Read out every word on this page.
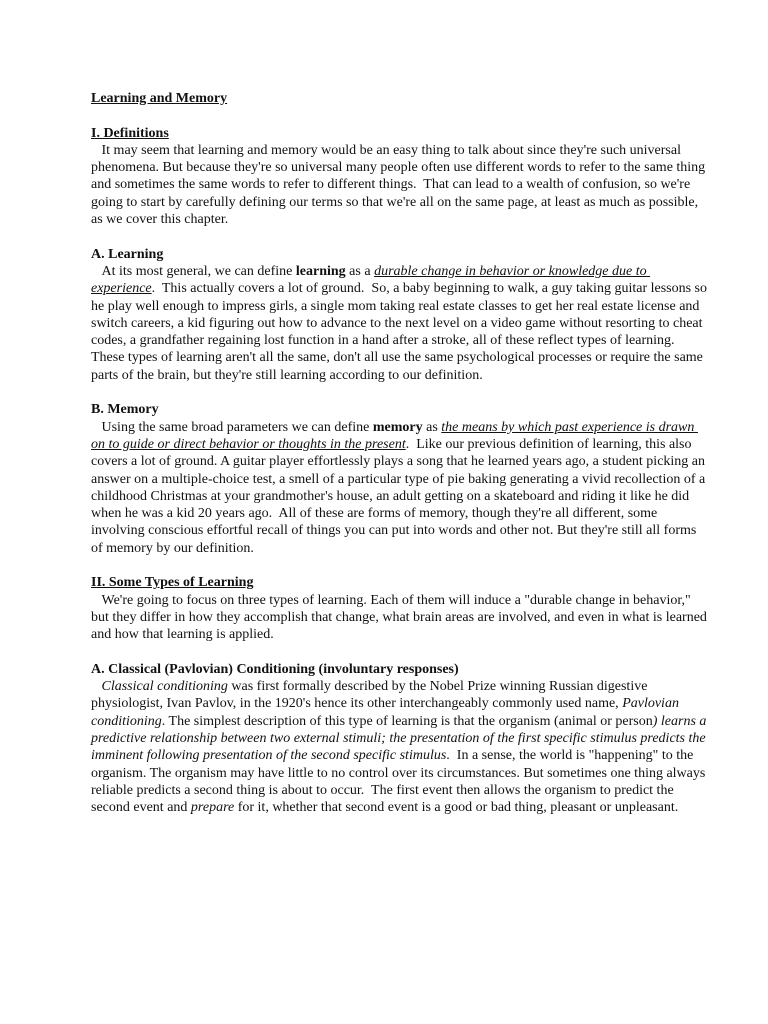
Learning and Memory

I. Definitions

It may seem that learning and memory would be an easy thing to talk about since they're such universal phenomena. But because they're so universal many people often use different words to refer to the same thing and sometimes the same words to refer to different things.  That can lead to a wealth of confusion, so we're going to start by carefully defining our terms so that we're all on the same page, at least as much as possible, as we cover this chapter.

A. Learning

At its most general, we can define learning as a durable change in behavior or knowledge due to experience.  This actually covers a lot of ground.  So, a baby beginning to walk, a guy taking guitar lessons so he play well enough to impress girls, a single mom taking real estate classes to get her real estate license and switch careers, a kid figuring out how to advance to the next level on a video game without resorting to cheat codes, a grandfather regaining lost function in a hand after a stroke, all of these reflect types of learning.  These types of learning aren't all the same, don't all use the same psychological processes or require the same parts of the brain, but they're still learning according to our definition.

B. Memory

Using the same broad parameters we can define memory as the means by which past experience is drawn on to guide or direct behavior or thoughts in the present.  Like our previous definition of learning, this also covers a lot of ground. A guitar player effortlessly plays a song that he learned years ago, a student picking an answer on a multiple-choice test, a smell of a particular type of pie baking generating a vivid recollection of a childhood Christmas at your grandmother's house, an adult getting on a skateboard and riding it like he did when he was a kid 20 years ago.  All of these are forms of memory, though they're all different, some involving conscious effortful recall of things you can put into words and other not. But they're still all forms of memory by our definition.

II. Some Types of Learning

We're going to focus on three types of learning. Each of them will induce a "durable change in behavior," but they differ in how they accomplish that change, what brain areas are involved, and even in what is learned and how that learning is applied.

A. Classical (Pavlovian) Conditioning (involuntary responses)

Classical conditioning was first formally described by the Nobel Prize winning Russian digestive physiologist, Ivan Pavlov, in the 1920's hence its other interchangeably commonly used name, Pavlovian conditioning. The simplest description of this type of learning is that the organism (animal or person) learns a predictive relationship between two external stimuli; the presentation of the first specific stimulus predicts the imminent following presentation of the second specific stimulus.  In a sense, the world is "happening" to the organism. The organism may have little to no control over its circumstances. But sometimes one thing always reliable predicts a second thing is about to occur.  The first event then allows the organism to predict the second event and prepare for it, whether that second event is a good or bad thing, pleasant or unpleasant.
